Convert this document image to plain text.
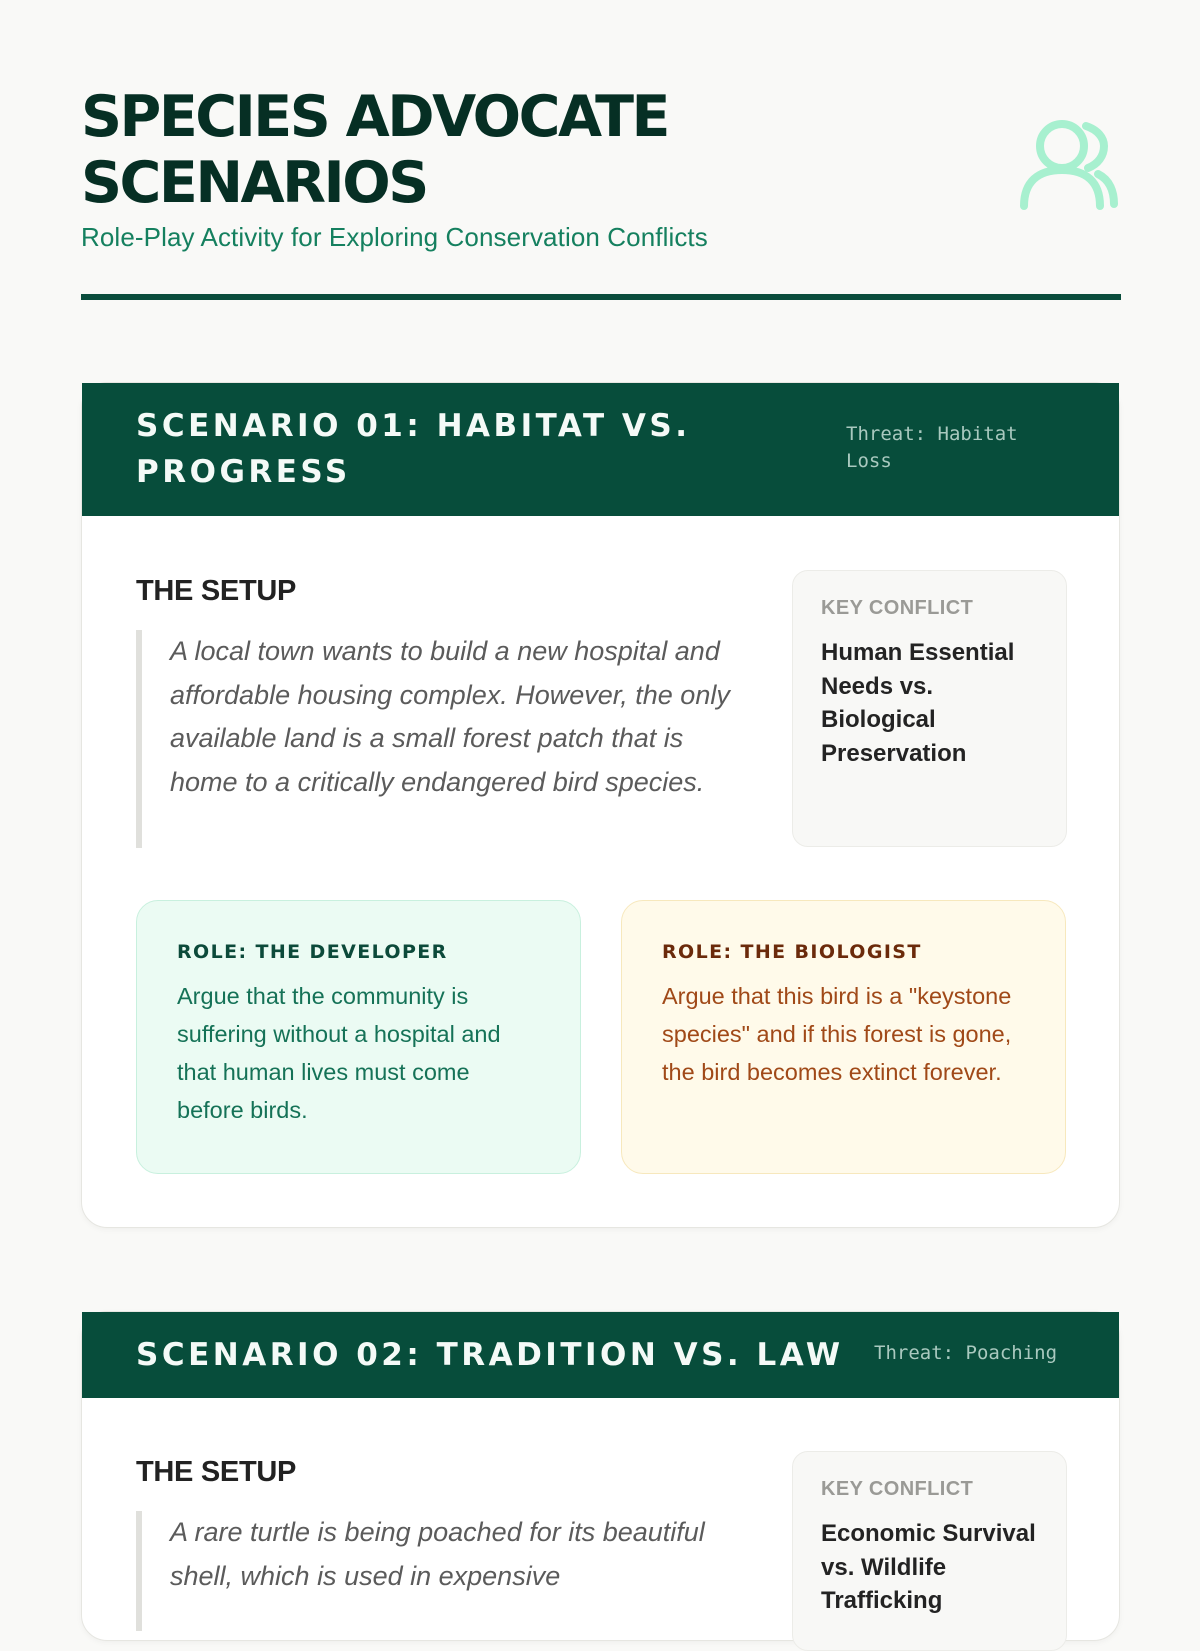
SPECIES ADVOCATE SCENARIOS
Role-Play Activity for Exploring Conservation Conflicts
SCENARIO 01: HABITAT VS. PROGRESS
Threat: Habitat Loss
THE SETUP
A local town wants to build a new hospital and affordable housing complex. However, the only available land is a small forest patch that is home to a critically endangered bird species.
KEY CONFLICT
Human Essential Needs vs. Biological Preservation
ROLE: THE DEVELOPER
Argue that the community is suffering without a hospital and that human lives must come before birds.
ROLE: THE BIOLOGIST
Argue that this bird is a "keystone species" and if this forest is gone, the bird becomes extinct forever.
SCENARIO 02: TRADITION VS. LAW	Threat: Poaching
THE SETUP
A rare turtle is being poached for its beautiful shell, which is used in expensive
KEY CONFLICT
Economic Survival vs. Wildlife Trafficking
